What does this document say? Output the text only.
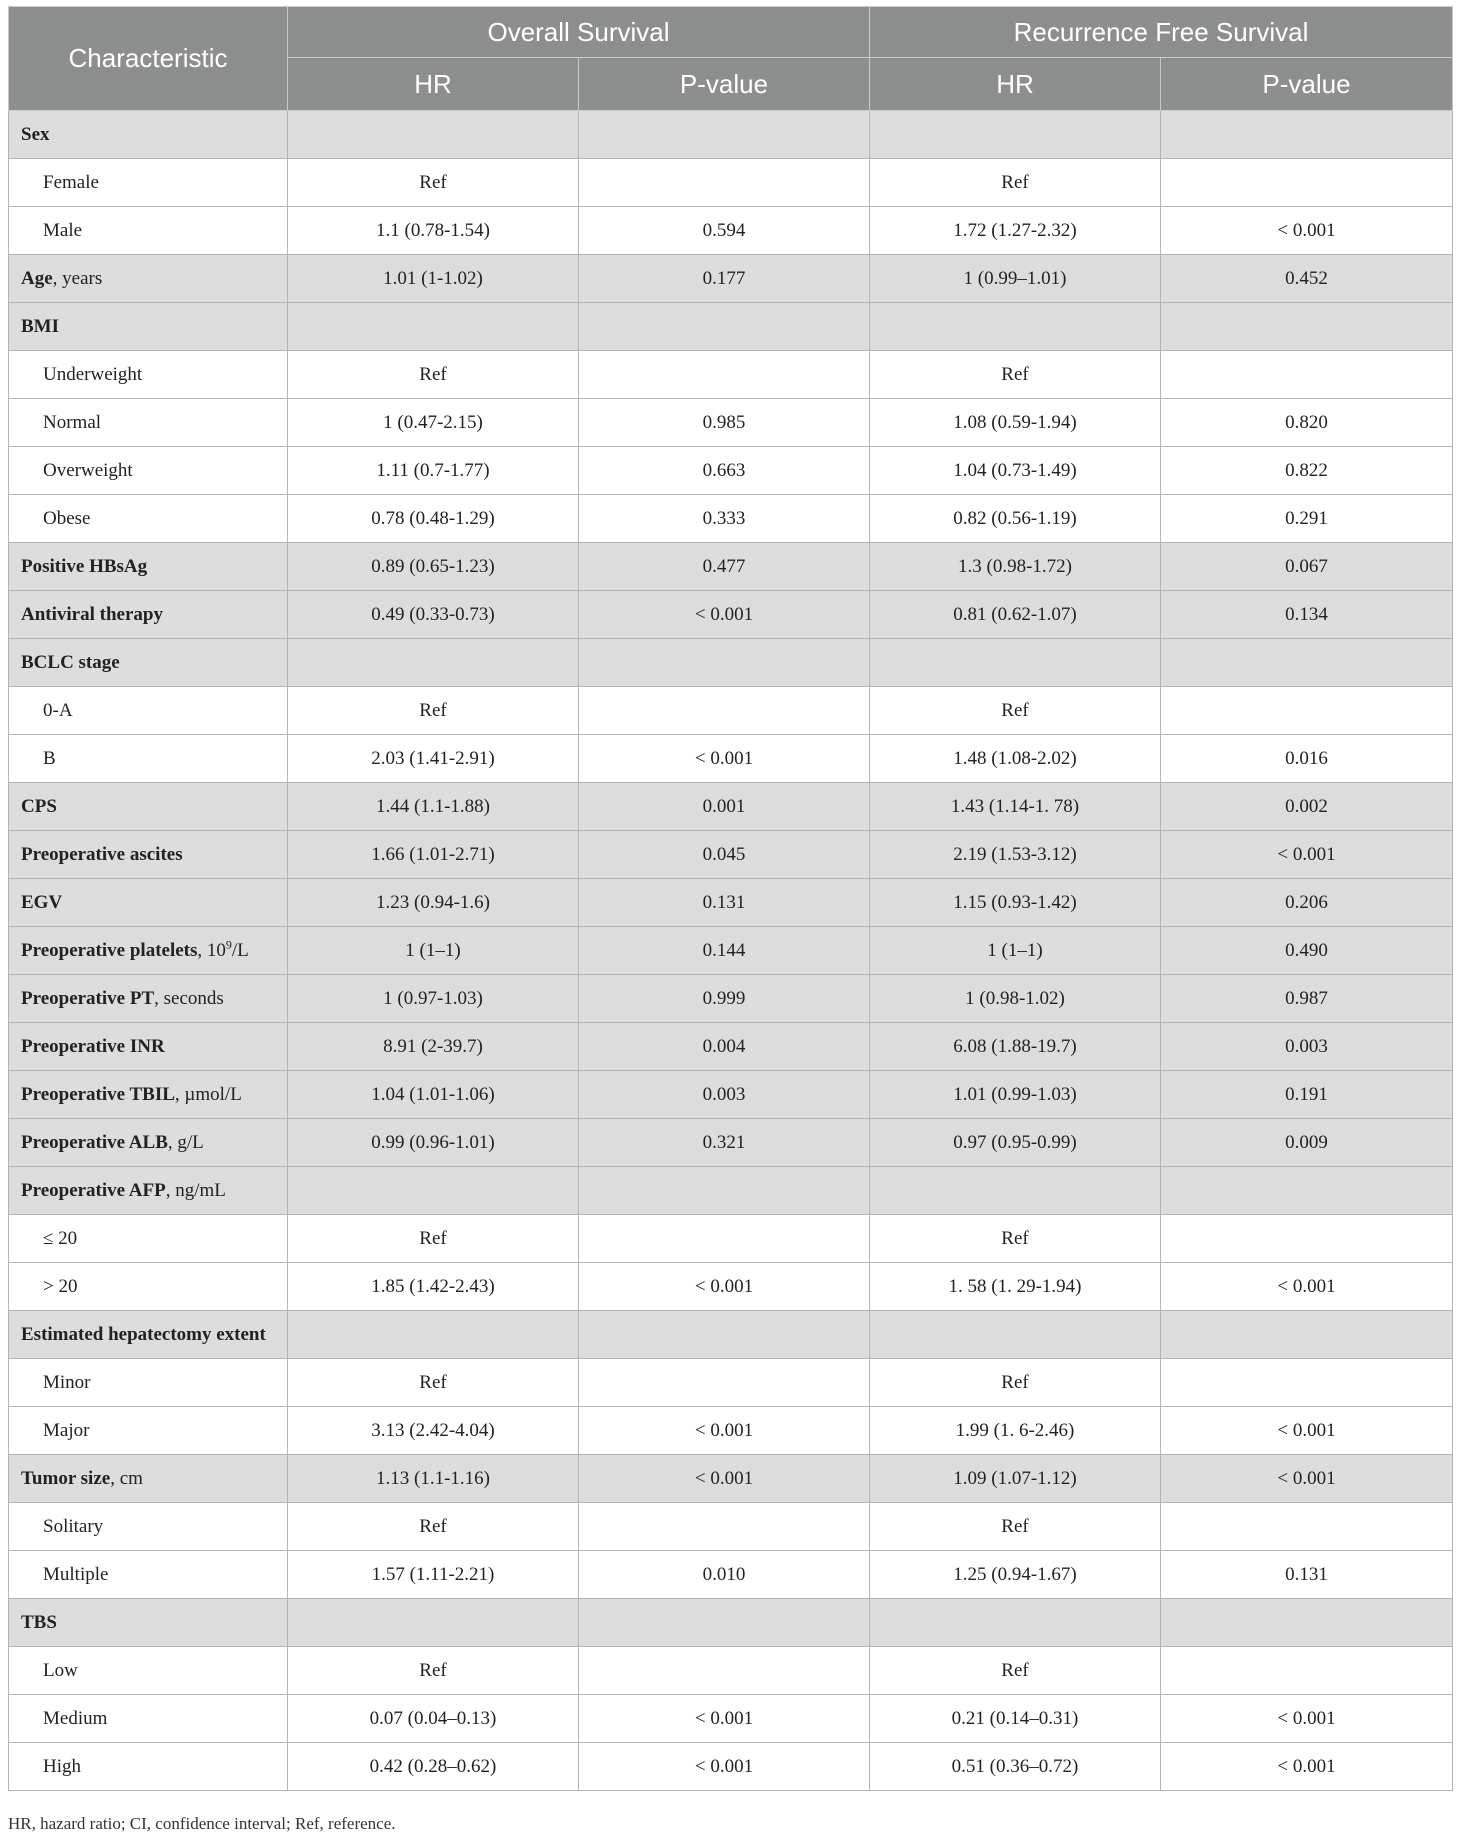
Characteristic	Overall Survival		Recurrence Free Survival	
	HR	P-value	HR	P-value
Sex				
Female	Ref		Ref	
Male	1.1 (0.78-1.54)	0.594	1.72 (1.27-2.32)	< 0.001
Age, years	1.01 (1-1.02)	0.177	1 (0.99–1.01)	0.452
BMI				
Underweight	Ref		Ref	
Normal	1 (0.47-2.15)	0.985	1.08 (0.59-1.94)	0.820
Overweight	1.11 (0.7-1.77)	0.663	1.04 (0.73-1.49)	0.822
Obese	0.78 (0.48-1.29)	0.333	0.82 (0.56-1.19)	0.291
Positive HBsAg	0.89 (0.65-1.23)	0.477	1.3 (0.98-1.72)	0.067
Antiviral therapy	0.49 (0.33-0.73)	< 0.001	0.81 (0.62-1.07)	0.134
BCLC stage				
0-A	Ref		Ref	
B	2.03 (1.41-2.91)	< 0.001	1.48 (1.08-2.02)	0.016
CPS	1.44 (1.1-1.88)	0.001	1.43 (1.14-1. 78)	0.002
Preoperative ascites	1.66 (1.01-2.71)	0.045	2.19 (1.53-3.12)	< 0.001
EGV	1.23 (0.94-1.6)	0.131	1.15 (0.93-1.42)	0.206
Preoperative platelets, $10^9/L$	1 (1–1)	0.144	1 (1–1)	0.490
Preoperative PT, seconds	1 (0.97-1.03)	0.999	1 (0.98-1.02)	0.987
Preoperative INR	8.91 (2-39.7)	0.004	6.08 (1.88-19.7)	0.003
Preoperative TBIL, µmol/L	1.04 (1.01-1.06)	0.003	1.01 (0.99-1.03)	0.191
Preoperative ALB, g/L	0.99 (0.96-1.01)	0.321	0.97 (0.95-0.99)	0.009
Preoperative AFP, ng/mL				
≤ 20	Ref		Ref	
> 20	1.85 (1.42-2.43)	< 0.001	1. 58 (1. 29-1.94)	< 0.001
Estimated hepatectomy extent				
Minor	Ref		Ref	
Major	3.13 (2.42-4.04)	< 0.001	1.99 (1. 6-2.46)	< 0.001
Tumor size, cm	1.13 (1.1-1.16)	< 0.001	1.09 (1.07-1.12)	< 0.001
Solitary	Ref		Ref	
Multiple	1.57 (1.11-2.21)	0.010	1.25 (0.94-1.67)	0.131
TBS				
Low	Ref		Ref	
Medium	0.07 (0.04–0.13)	< 0.001	0.21 (0.14–0.31)	< 0.001
High	0.42 (0.28–0.62)	< 0.001	0.51 (0.36–0.72)	< 0.001
HR, hazard ratio; CI, confidence interval; Ref, reference.
